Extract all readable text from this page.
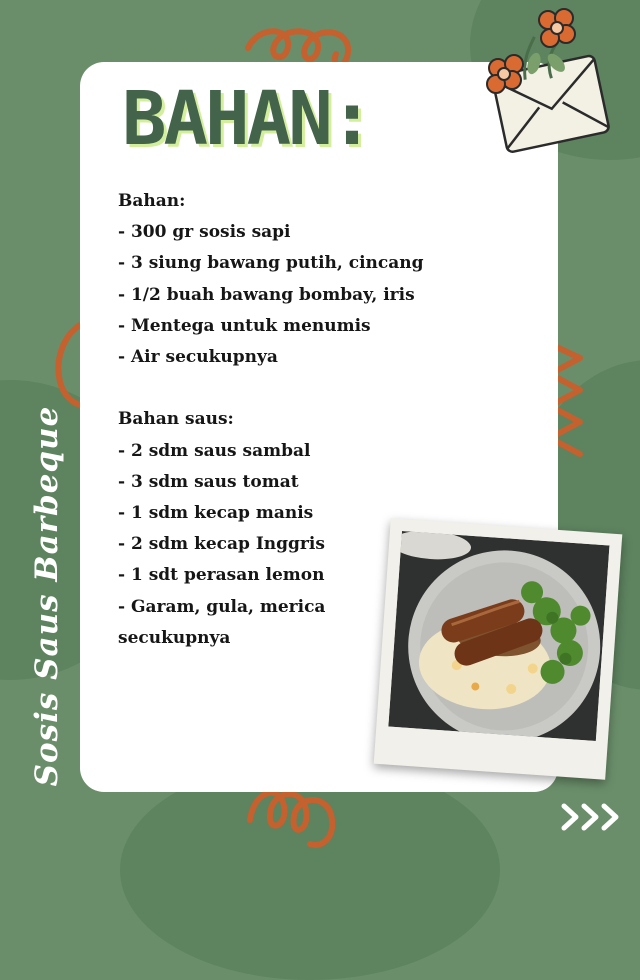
BAHAN:
Bahan:
- 300 gr sosis sapi
- 3 siung bawang putih, cincang
- 1/2 buah bawang bombay, iris
- Mentega untuk menumis
- Air secukupnya
Bahan saus:
- 2 sdm saus sambal
- 3 sdm saus tomat
- 1 sdm kecap manis
- 2 sdm kecap Inggris
- 1 sdt perasan lemon
- Garam, gula, merica
secukupnya
Sosis Saus Barbeque
